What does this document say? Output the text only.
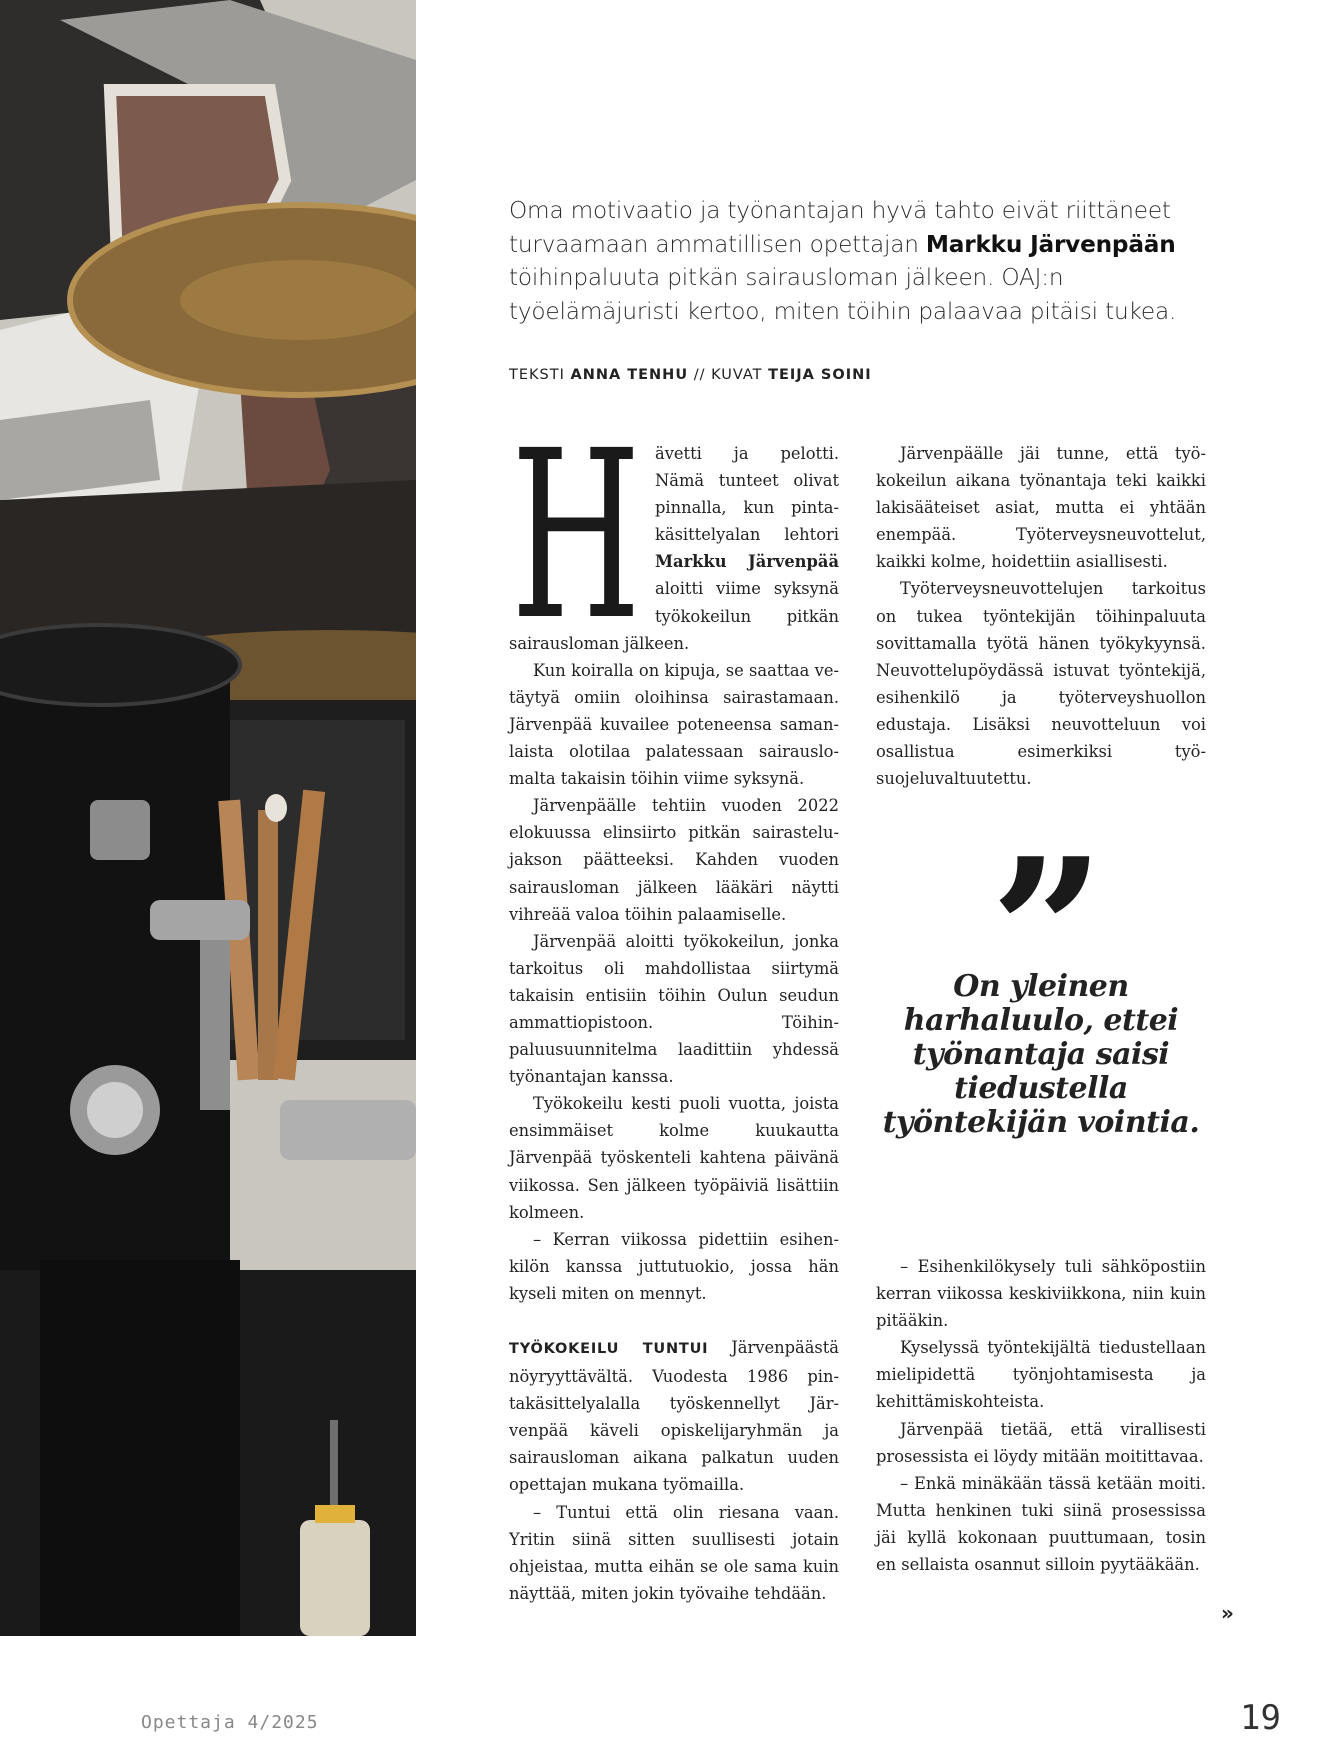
Oma motivaatio ja työnantajan hyvä tahto eivät riittäneet turvaamaan ammatillisen opettajan Markku Järvenpään töihinpaluuta pitkän sairausloman jälkeen. OAJ:n työelämäjuristi kertoo, miten töihin palaavaa pitäisi tukea.
TEKSTI ANNA TENHU // KUVAT TEIJA SOINI
H ävetti ja pelotti. Nämä tunteet olivat pinnalla, kun pintakäsittelyalan lehtori Markku Järvenpää aloitti viime syksynä työkokeilun pitkän sairausloman jälkeen.

Kun koiralla on kipuja, se saattaa vetäytyä omiin oloihinsa sairastamaan. Järvenpää kuvailee poteneensa samanlaista olotilaa palatessaan sairauslomalta takaisin töihin viime syksynä.

Järvenpäälle tehtiin vuoden 2022 elokuussa elinsiirto pitkän sairastelujakson päätteeksi. Kahden vuoden sairausloman jälkeen lääkäri näytti vihreää valoa töihin palaamiselle.

Järvenpää aloitti työkokeilun, jonka tarkoitus oli mahdollistaa siirtymä takaisin entisiin töihin Oulun seudun ammattiopistoon. Töihinpaluusuunnitelma laadittiin yhdessä työnantajan kanssa.

Työkokeilu kesti puoli vuotta, joista ensimmäiset kolme kuukautta Järvenpää työskenteli kahtena päivänä viikossa. Sen jälkeen työpäiviä lisättiin kolmeen.

– Kerran viikossa pidettiin esihenkilön kanssa juttutuokio, jossa hän kyseli miten on mennyt.

TYÖKOKEILU TUNTUI Järvenpäästä nöyryyttävältä. Vuodesta 1986 pintakäsittelyalalla työskennellyt Järvenpää käveli opiskelijaryhmän ja sairausloman aikana palkatun uuden opettajan mukana työmailla.

– Tuntui että olin riesana vaan. Yritin siinä sitten suullisesti jotain ohjeistaa, mutta eihän se ole sama kuin näyttää, miten jokin työvaihe tehdään.

Järvenpäälle jäi tunne, että työkokeilun aikana työnantaja teki kaikki lakisääteiset asiat, mutta ei yhtään enempää. Työterveysneuvottelut, kaikki kolme, hoidettiin asiallisesti.

Työterveysneuvottelujen tarkoitus on tukea työntekijän töihinpaluuta sovittamalla työtä hänen työkykyynsä. Neuvottelupöydässä istuvat työntekijä, esihenkilö ja työterveyshuollon edustaja. Lisäksi neuvotteluun voi osallistua esimerkiksi työsuojeluvaltuutettu.

On yleinen harhaluulo, ettei työnantaja saisi tiedustella työntekijän vointia.

– Esihenkilökysely tuli sähköpostiin kerran viikossa keskiviikkona, niin kuin pitääkin.

Kyselyssä työntekijältä tiedustellaan mielipidettä työnjohtamisesta ja kehittämiskohteista.

Järvenpää tietää, että virallisesti prosessista ei löydy mitään moitittavaa.

– Enkä minäkään tässä ketään moiti. Mutta henkinen tuki siinä prosessissa jäi kyllä kokonaan puuttumaan, tosin en sellaista osannut silloin pyytääkään.

»
Opettaja 4/2025	19
